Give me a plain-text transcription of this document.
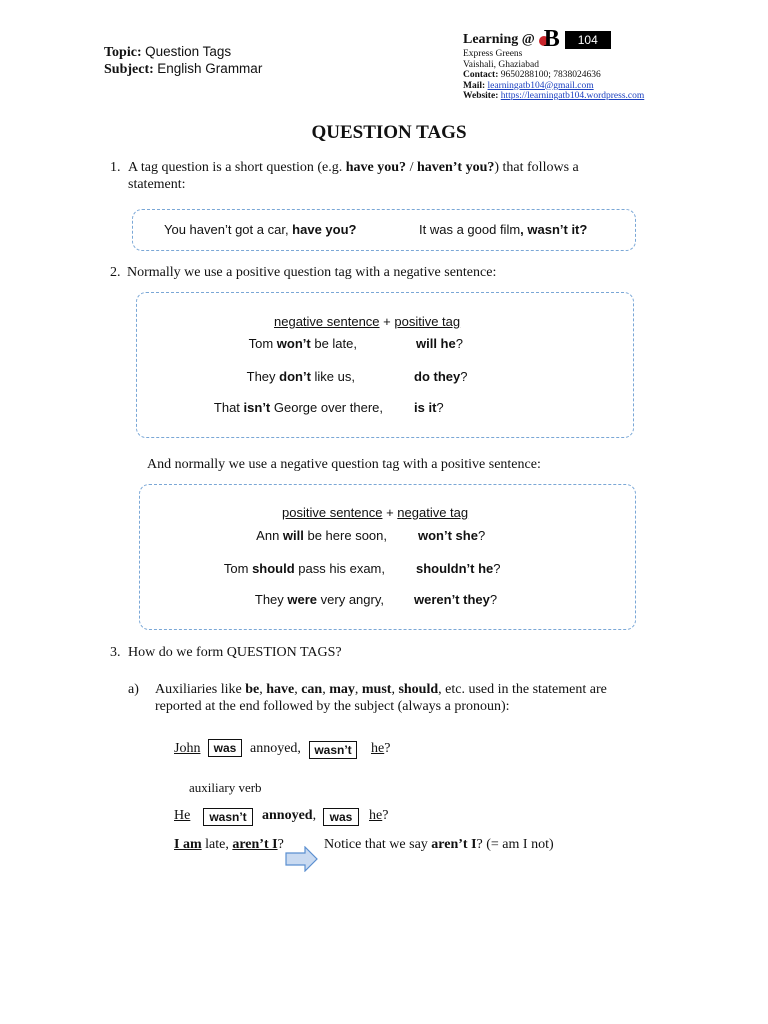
Topic: Question Tags
Subject: English Grammar
Learning @ B	104
Express Greens
Vaishali, Ghaziabad
Contact: 9650288100; 7838024636
Mail: learningatb104@gmail.com
Website: https://learningatb104.wordpress.com
QUESTION TAGS
1. A tag question is a short question (e.g. have you? / haven’t you?) that follows a
statement:
You haven’t got a car, have you?	It was a good film, wasn’t it?
2. Normally we use a positive question tag with a negative sentence:
negative sentence + positive tag
Tom won’t be late,	will he?
They don’t like us,	do they?
That isn’t George over there, is it?
And normally we use a negative question tag with a positive sentence:
positive sentence + negative tag
Ann will be here soon, won’t she?
Tom should pass his exam, shouldn’t he?
They were very angry, weren’t they?
3. How do we form QUESTION TAGS?
a) Auxiliaries like be, have, can, may, must, should, etc. used in the statement are
reported at the end followed by the subject (always a pronoun):
John	was annoyed,	wasn’t	he?
auxiliary verb
He	wasn’t	annoyed,	was	he?
I am late, aren’t I?	Notice that we say aren’t I? (= am I not)
